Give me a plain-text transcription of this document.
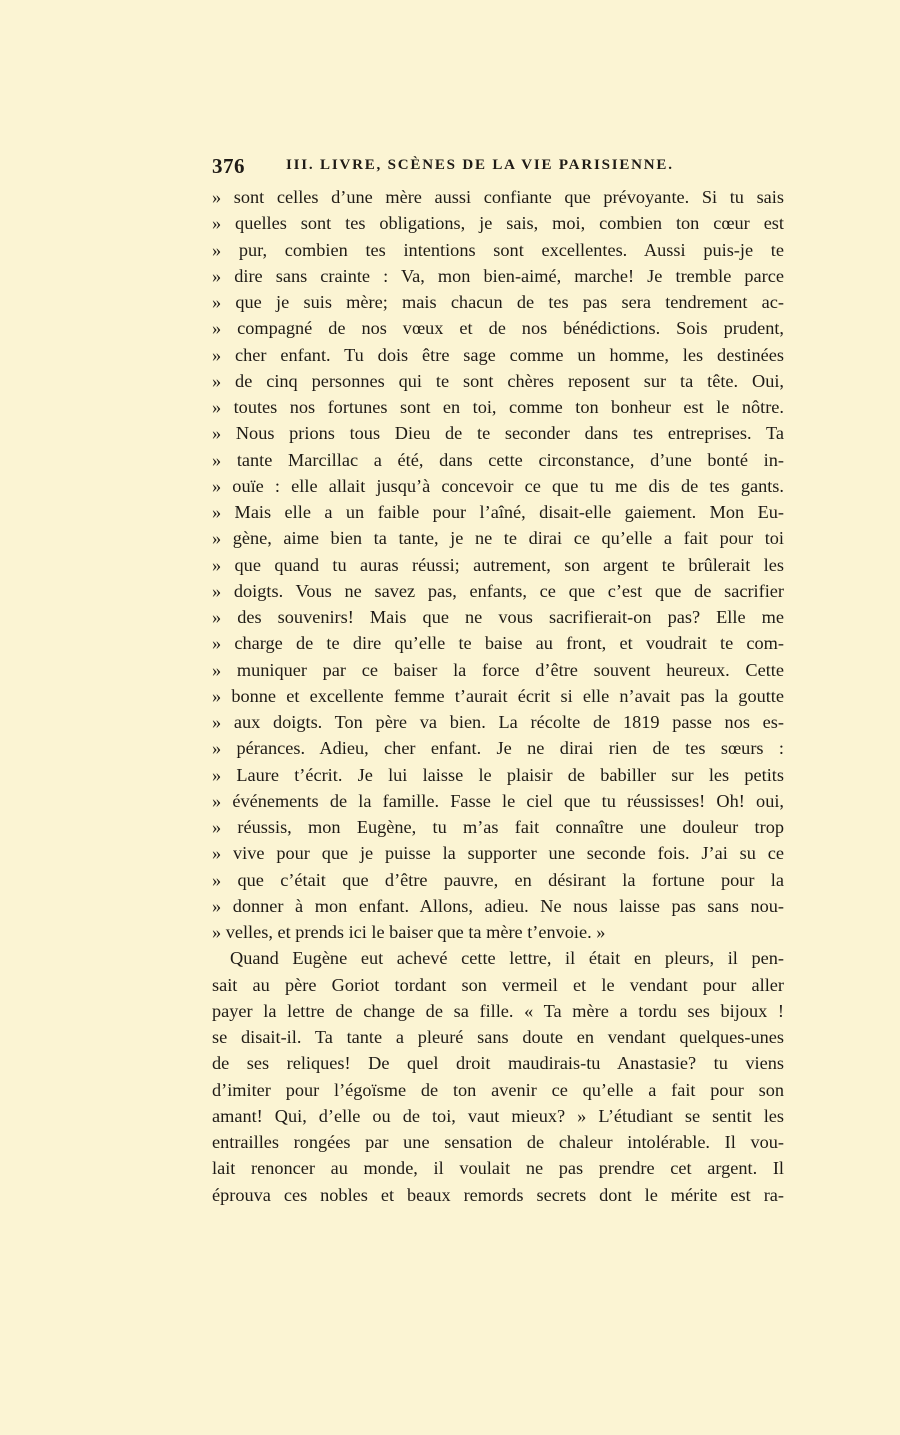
376	III. LIVRE, SCÈNES DE LA VIE PARISIENNE.
» sont celles d’une mère aussi confiante que prévoyante. Si tu sais
» quelles sont tes obligations, je sais, moi, combien ton cœur est
» pur, combien tes intentions sont excellentes. Aussi puis-je te
» dire sans crainte : Va, mon bien-aimé, marche! Je tremble parce
» que je suis mère; mais chacun de tes pas sera tendrement ac-
» compagné de nos vœux et de nos bénédictions. Sois prudent,
» cher enfant. Tu dois être sage comme un homme, les destinées
» de cinq personnes qui te sont chères reposent sur ta tête. Oui,
» toutes nos fortunes sont en toi, comme ton bonheur est le nôtre.
» Nous prions tous Dieu de te seconder dans tes entreprises. Ta
» tante Marcillac a été, dans cette circonstance, d’une bonté in-
» ouïe : elle allait jusqu’à concevoir ce que tu me dis de tes gants.
» Mais elle a un faible pour l’aîné, disait-elle gaiement. Mon Eu-
» gène, aime bien ta tante, je ne te dirai ce qu’elle a fait pour toi
» que quand tu auras réussi; autrement, son argent te brûlerait les
» doigts. Vous ne savez pas, enfants, ce que c’est que de sacrifier
» des souvenirs! Mais que ne vous sacrifierait-on pas? Elle me
» charge de te dire qu’elle te baise au front, et voudrait te com-
» muniquer par ce baiser la force d’être souvent heureux. Cette
» bonne et excellente femme t’aurait écrit si elle n’avait pas la goutte
» aux doigts. Ton père va bien. La récolte de 1819 passe nos es-
» pérances. Adieu, cher enfant. Je ne dirai rien de tes sœurs :
» Laure t’écrit. Je lui laisse le plaisir de babiller sur les petits
» événements de la famille. Fasse le ciel que tu réussisses! Oh! oui,
» réussis, mon Eugène, tu m’as fait connaître une douleur trop
» vive pour que je puisse la supporter une seconde fois. J’ai su ce
» que c’était que d’être pauvre, en désirant la fortune pour la
» donner à mon enfant. Allons, adieu. Ne nous laisse pas sans nou-
» velles, et prends ici le baiser que ta mère t’envoie. »
Quand Eugène eut achevé cette lettre, il était en pleurs, il pen-
sait au père Goriot tordant son vermeil et le vendant pour aller
payer la lettre de change de sa fille. « Ta mère a tordu ses bijoux !
se disait-il. Ta tante a pleuré sans doute en vendant quelques-unes
de ses reliques! De quel droit maudirais-tu Anastasie? tu viens
d’imiter pour l’égoïsme de ton avenir ce qu’elle a fait pour son
amant! Qui, d’elle ou de toi, vaut mieux? » L’étudiant se sentit les
entrailles rongées par une sensation de chaleur intolérable. Il vou-
lait renoncer au monde, il voulait ne pas prendre cet argent. Il
éprouva ces nobles et beaux remords secrets dont le mérite est ra-
